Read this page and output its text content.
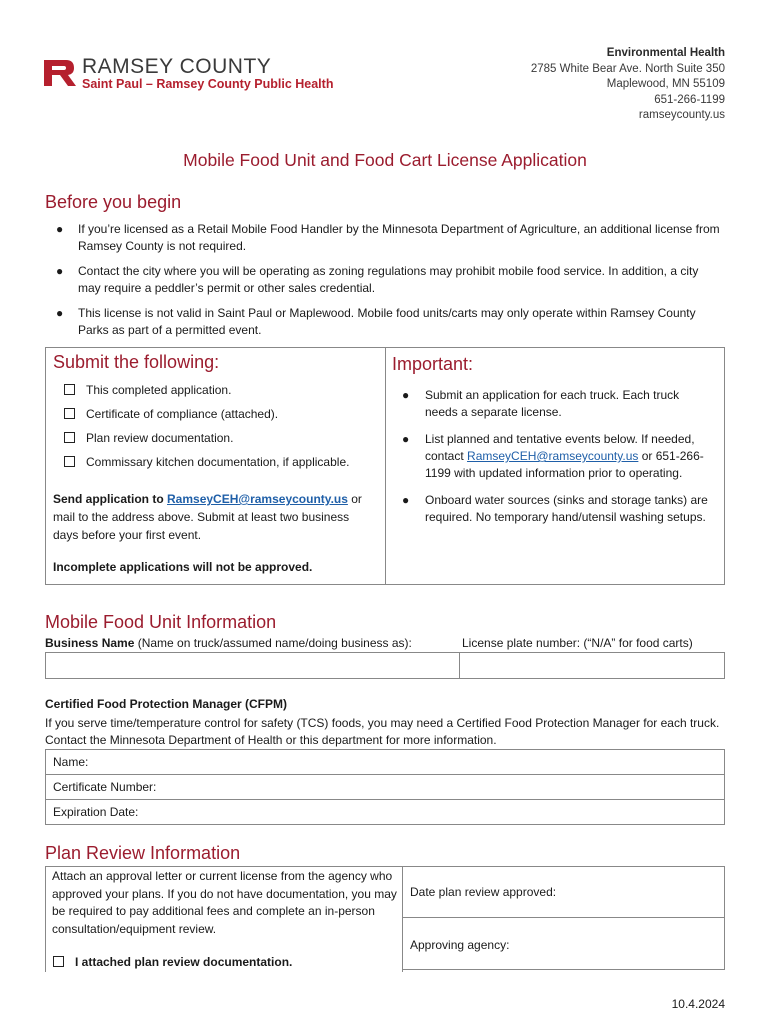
RAMSEY COUNTY
Saint Paul – Ramsey County Public Health
Environmental Health
2785 White Bear Ave. North Suite 350
Maplewood, MN 55109
651-266-1199
ramseycounty.us
Mobile Food Unit and Food Cart License Application
Before you begin
● If you’re licensed as a Retail Mobile Food Handler by the Minnesota Department of Agriculture, an additional license from Ramsey County is not required.
● Contact the city where you will be operating as zoning regulations may prohibit mobile food service. In addition, a city may require a peddler’s permit or other sales credential.
● This license is not valid in Saint Paul or Maplewood. Mobile food units/carts may only operate within Ramsey County Parks as part of a permitted event.
Submit the following:
This completed application.
Certificate of compliance (attached).
Plan review documentation.
Commissary kitchen documentation, if applicable.
Send application to RamseyCEH@ramseycounty.us or mail to the address above. Submit at least two business days before your first event.
Incomplete applications will not be approved.
Important:
● Submit an application for each truck. Each truck needs a separate license.
● List planned and tentative events below. If needed, contact RamseyCEH@ramseycounty.us or 651-266-1199 with updated information prior to operating.
● Onboard water sources (sinks and storage tanks) are required. No temporary hand/utensil washing setups.
Mobile Food Unit Information
Business Name (Name on truck/assumed name/doing business as):	License plate number: (“N/A” for food carts)
Certified Food Protection Manager (CFPM)
If you serve time/temperature control for safety (TCS) foods, you may need a Certified Food Protection Manager for each truck. Contact the Minnesota Department of Health or this department for more information.
Name:
Certificate Number:
Expiration Date:
Plan Review Information
Attach an approval letter or current license from the agency who approved your plans. If you do not have documentation, you may be required to pay additional fees and complete an in-person consultation/equipment review.
I attached plan review documentation.
Date plan review approved:
Approving agency:
10.4.2024
